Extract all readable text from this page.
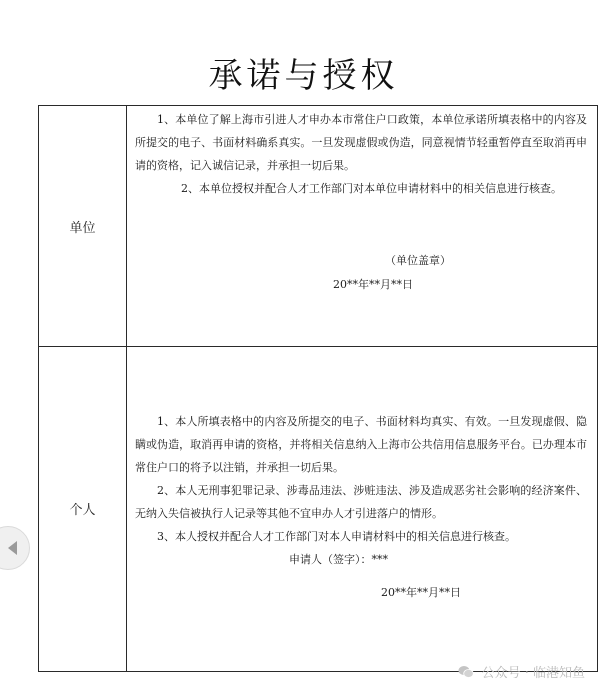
承诺与授权
单位

1、本单位了解上海市引进人才申办本市常住户口政策，本单位承诺所填表格中的内容及所提交的电子、书面材料确系真实。一旦发现虚假或伪造，同意视情节轻重暂停直至取消再申请的资格，记入诚信记录，并承担一切后果。

2、本单位授权并配合人才工作部门对本单位申请材料中的相关信息进行核查。

（单位盖章）
20**年**月**日
个人

1、本人所填表格中的内容及所提交的电子、书面材料均真实、有效。一旦发现虚假、隐瞒或伪造，取消再申请的资格，并将相关信息纳入上海市公共信用信息服务平台。已办理本市常住户口的将予以注销，并承担一切后果。

2、本人无刑事犯罪记录、涉毒品违法、涉赃违法、涉及造成恶劣社会影响的经济案件、无纳入失信被执行人记录等其他不宜申办人才引进落户的情形。

3、本人授权并配合人才工作部门对本人申请材料中的相关信息进行核查。

申请人（签字）：***

20**年**月**日

公众号 · 临港知鱼
